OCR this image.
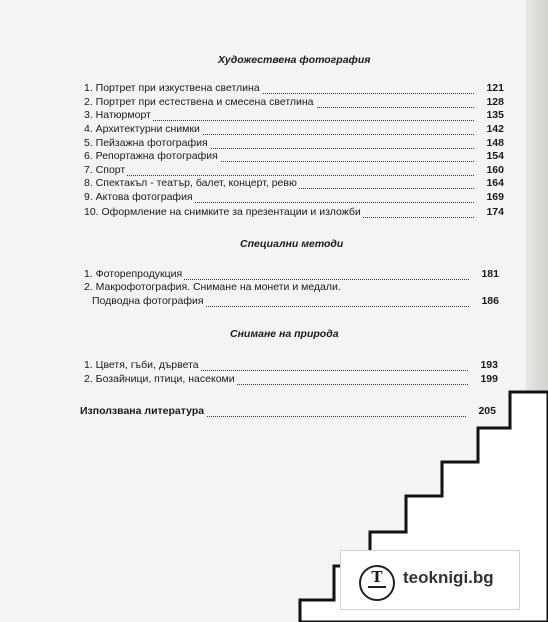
Художествена фотография
1. Портрет при изкуствена светлина	121
2. Портрет при естествена и смесена светлина	128
3. Натюрморт	135
4. Архитектурни снимки	142
5. Пейзажна фотография	148
6. Репортажна фотография	154
7. Спорт	160
8. Спектакъл - театър, балет, концерт, ревю	164
9. Актова фотография	169
10. Оформление на снимките за презентации и изложби	174
Специални методи
1. Фоторепродукция	181
2. Макрофотография. Снимане на монети и медали.
Подводна фотография	186
Снимане на природа
1. Цветя, гъби, дървета	193
2. Бозайници, птици, насекоми	199
Използвана литература	205
T	teoknigi.bg
